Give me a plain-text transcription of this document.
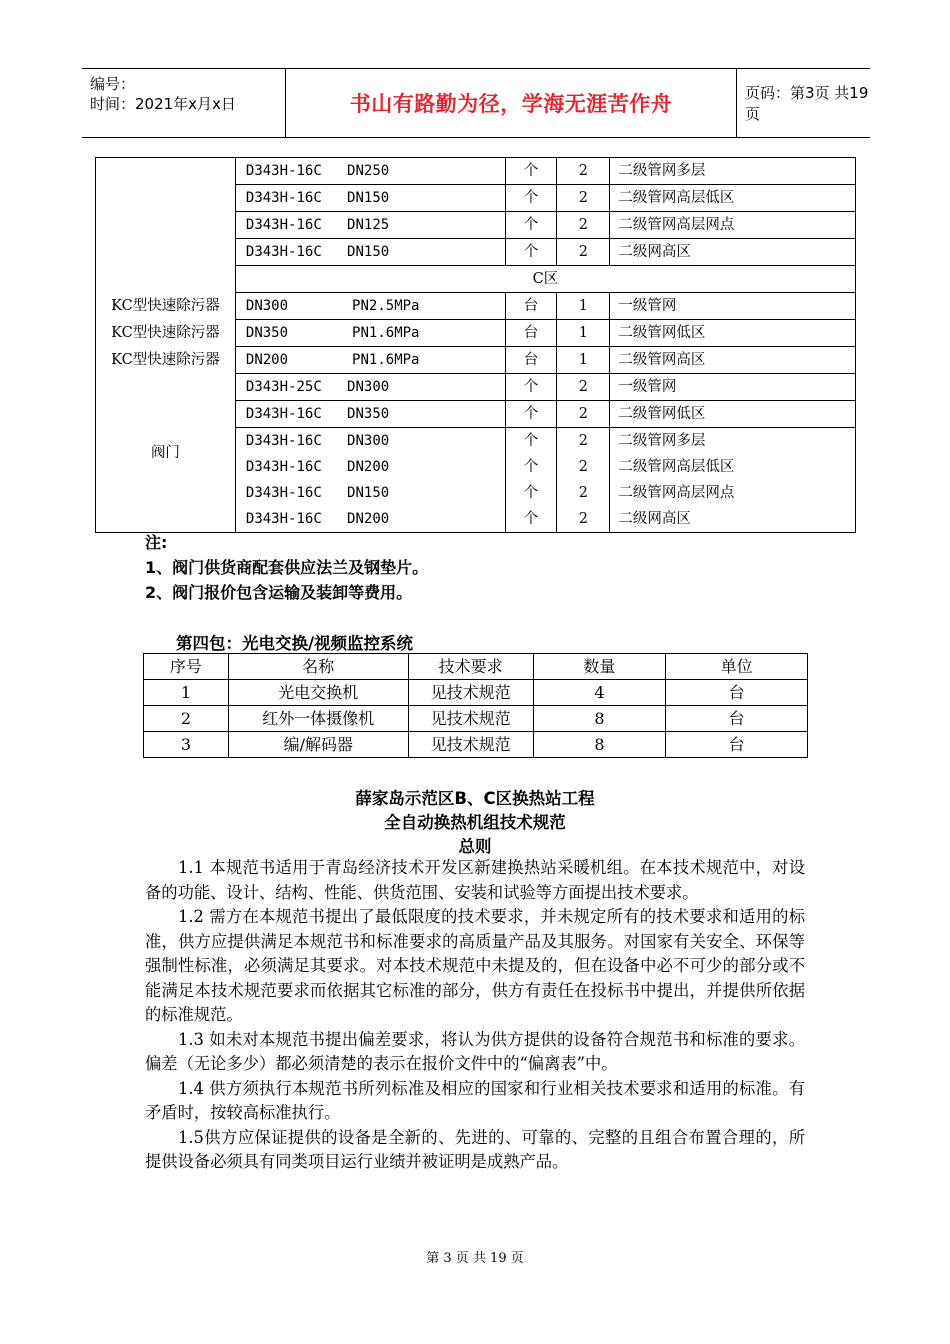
编号：
时间：2021年x月x日	书山有路勤为径，学海无涯苦作舟	页码：第3页 共19页
	D343H-16C DN250	个	2	二级管网多层
	D343H-16C DN150	个	2	二级管网高层低区
	D343H-16C DN125	个	2	二级管网高层网点
	D343H-16C DN150	个	2	二级网高区
	C区			
KC型快速除污器	DN300 PN2.5MPa	台	1	一级管网
KC型快速除污器	DN350 PN1.6MPa	台	1	二级管网低区
KC型快速除污器	DN200 PN1.6MPa	台	1	二级管网高区
阀门	D343H-25C DN300	个	2	一级管网
	D343H-16C DN350	个	2	二级管网低区
	D343H-16C DN300	个	2	二级管网多层
	D343H-16C DN200	个	2	二级管网高层低区
	D343H-16C DN150	个	2	二级管网高层网点
	D343H-16C DN200	个	2	二级网高区
注:
1、阀门供货商配套供应法兰及钢垫片。
2、阀门报价包含运输及装卸等费用。
第四包：光电交换/视频监控系统
序号	名称	技术要求	数量	单位
1	光电交换机	见技术规范	4	台
2	红外一体摄像机	见技术规范	8	台
3	编/解码器	见技术规范	8	台
薛家岛示范区B、C区换热站工程
全自动换热机组技术规范
总则

1.1 本规范书适用于青岛经济技术开发区新建换热站采暖机组。在本技术规范中，对设备的功能、设计、结构、性能、供货范围、安装和试验等方面提出技术要求。

1.2 需方在本规范书提出了最低限度的技术要求，并未规定所有的技术要求和适用的标准，供方应提供满足本规范书和标准要求的高质量产品及其服务。对国家有关安全、环保等强制性标准，必须满足其要求。对本技术规范中未提及的，但在设备中必不可少的部分或不能满足本技术规范要求而依据其它标准的部分，供方有责任在投标书中提出，并提供所依据的标准规范。

1.3 如未对本规范书提出偏差要求，将认为供方提供的设备符合规范书和标准的要求。偏差（无论多少）都必须清楚的表示在报价文件中的“偏离表”中。

1.4 供方须执行本规范书所列标准及相应的国家和行业相关技术要求和适用的标准。有矛盾时，按较高标准执行。

1.5供方应保证提供的设备是全新的、先进的、可靠的、完整的且组合布置合理的，所提供设备必须具有同类项目运行业绩并被证明是成熟产品。

第 3 页 共 19 页
